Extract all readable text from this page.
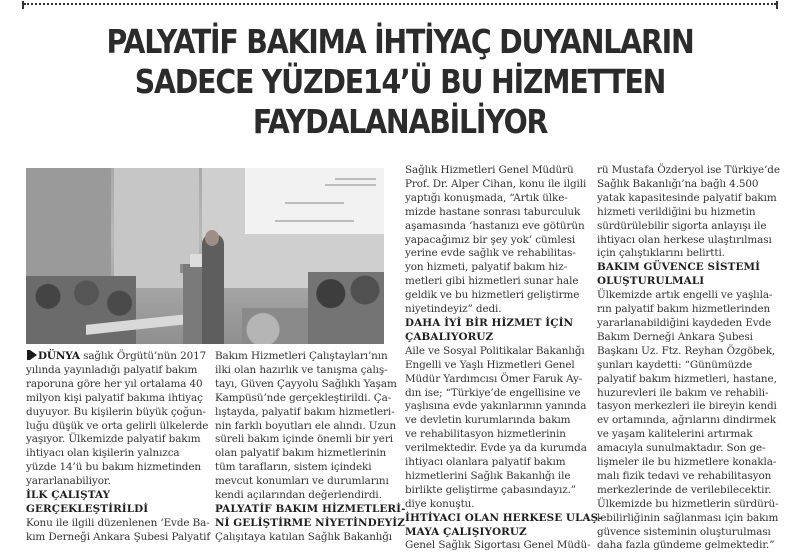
PALYATİF BAKIMA İHTİYAÇ DUYANLARIN
SADECE YÜZDE14’Ü BU HİZMETTEN
FAYDALANABİLİYOR

DÜNYA sağlık Örgütü’nün 2017

yılında yayınladığı palyatif bakım

raporuna göre her yıl ortalama 40

milyon kişi palyatif bakıma ihtiyaç

duyuyor. Bu kişilerin büyük çoğun-

luğu düşük ve orta gelirli ülkelerde

yaşıyor. Ülkemizde palyatif bakım

ihtiyacı olan kişilerin yalnızca

yüzde 14’ü bu bakım hizmetinden

yararlanabiliyor.

İLK ÇALIŞTAY

GERÇEKLEŞTİRİLDİ

Konu ile ilgili düzenlenen ‘Evde Ba-

kım Derneği Ankara Şubesi Palyatif

Bakım Hizmetleri Çalıştayları’nın

ilki olan hazırlık ve tanışma çalış-

tayı, Güven Çayyolu Sağlıklı Yaşam

Kampüsü’nde gerçekleştirildi. Ça-

lıştayda, palyatif bakım hizmetleri-

nin farklı boyutları ele alındı. Uzun

süreli bakım içinde önemli bir yeri

olan palyatif bakım hizmetlerinin

tüm tarafların, sistem içindeki

mevcut konumları ve durumlarını

kendi açılarından değerlendirdi.

PALYATİF BAKIM HİZMETLERİ-

Nİ GELİŞTİRME NİYETİNDEYİZ

Çalışıtaya katılan Sağlık Bakanlığı

Sağlık Hizmetleri Genel Müdürü

Prof. Dr. Alper Cihan, konu ile ilgili

yaptığı konuşmada, “Artık ülke-

mizde hastane sonrası taburculuk

aşamasında ‘hastanızı eve götürün

yapacağımız bir şey yok’ cümlesi

yerine evde sağlık ve rehabilitas-

yon hizmeti, palyatif bakım hiz-

metleri gibi hizmetleri sunar hale

geldik ve bu hizmetleri geliştirme

niyetindeyiz” dedi.

DAHA İYİ BİR HİZMET İÇİN

ÇABALIYORUZ

Aile ve Sosyal Politikalar Bakanlığı

Engelli ve Yaşlı Hizmetleri Genel

Müdür Yardımcısı Ömer Faruk Ay-

dın ise; “Türkiye’de engellisine ve

yaşlısına evde yakınlarının yanında

ve devletin kurumlarında bakım

ve rehabilitasyon hizmetlerinin

verilmektedir. Evde ya da kurumda

ihtiyacı olanlara palyatif bakım

hizmetlerini Sağlık Bakanlığı ile

birlikte geliştirme çabasındayız.”

diye konuştu.

İHTİYACI OLAN HERKESE ULAŞ-

MAYA ÇALIŞIYORUZ

Genel Sağlık Sigortası Genel Müdü-

rü Mustafa Özderyol ise Türkiye’de

Sağlık Bakanlığı’na bağlı 4.500

yatak kapasitesinde palyatif bakım

hizmeti verildiğini bu hizmetin

sürdürülebilir sigorta anlayışı ile

ihtiyacı olan herkese ulaştırılması

için çalıştıklarını belirtti.

BAKIM GÜVENCE SİSTEMİ

OLUŞTURULMALI

Ülkemizde artık engelli ve yaşlıla-

rın palyatif bakım hizmetlerinden

yararlanabildiğini kaydeden Evde

Bakım Derneği Ankara Şubesi

Başkanı Uz. Ftz. Reyhan Özgöbek,

şunları kaydetti: “Günümüzde

palyatif bakım hizmetleri, hastane,

huzurevleri ile bakım ve rehabili-

tasyon merkezleri ile bireyin kendi

ev ortamında, ağrılarını dindirmek

ve yaşam kalitelerini artırmak

amacıyla sunulmaktadır. Son ge-

lişmeler ile bu hizmetlere konakla-

malı fizik tedavi ve rehabilitasyon

merkezlerinde de verilebilecektir.

Ülkemizde bu hizmetlerin sürdürü-

lebilirliğinin sağlanması için bakım

güvence sisteminin oluşturulması

daha fazla gündeme gelmektedir.”
